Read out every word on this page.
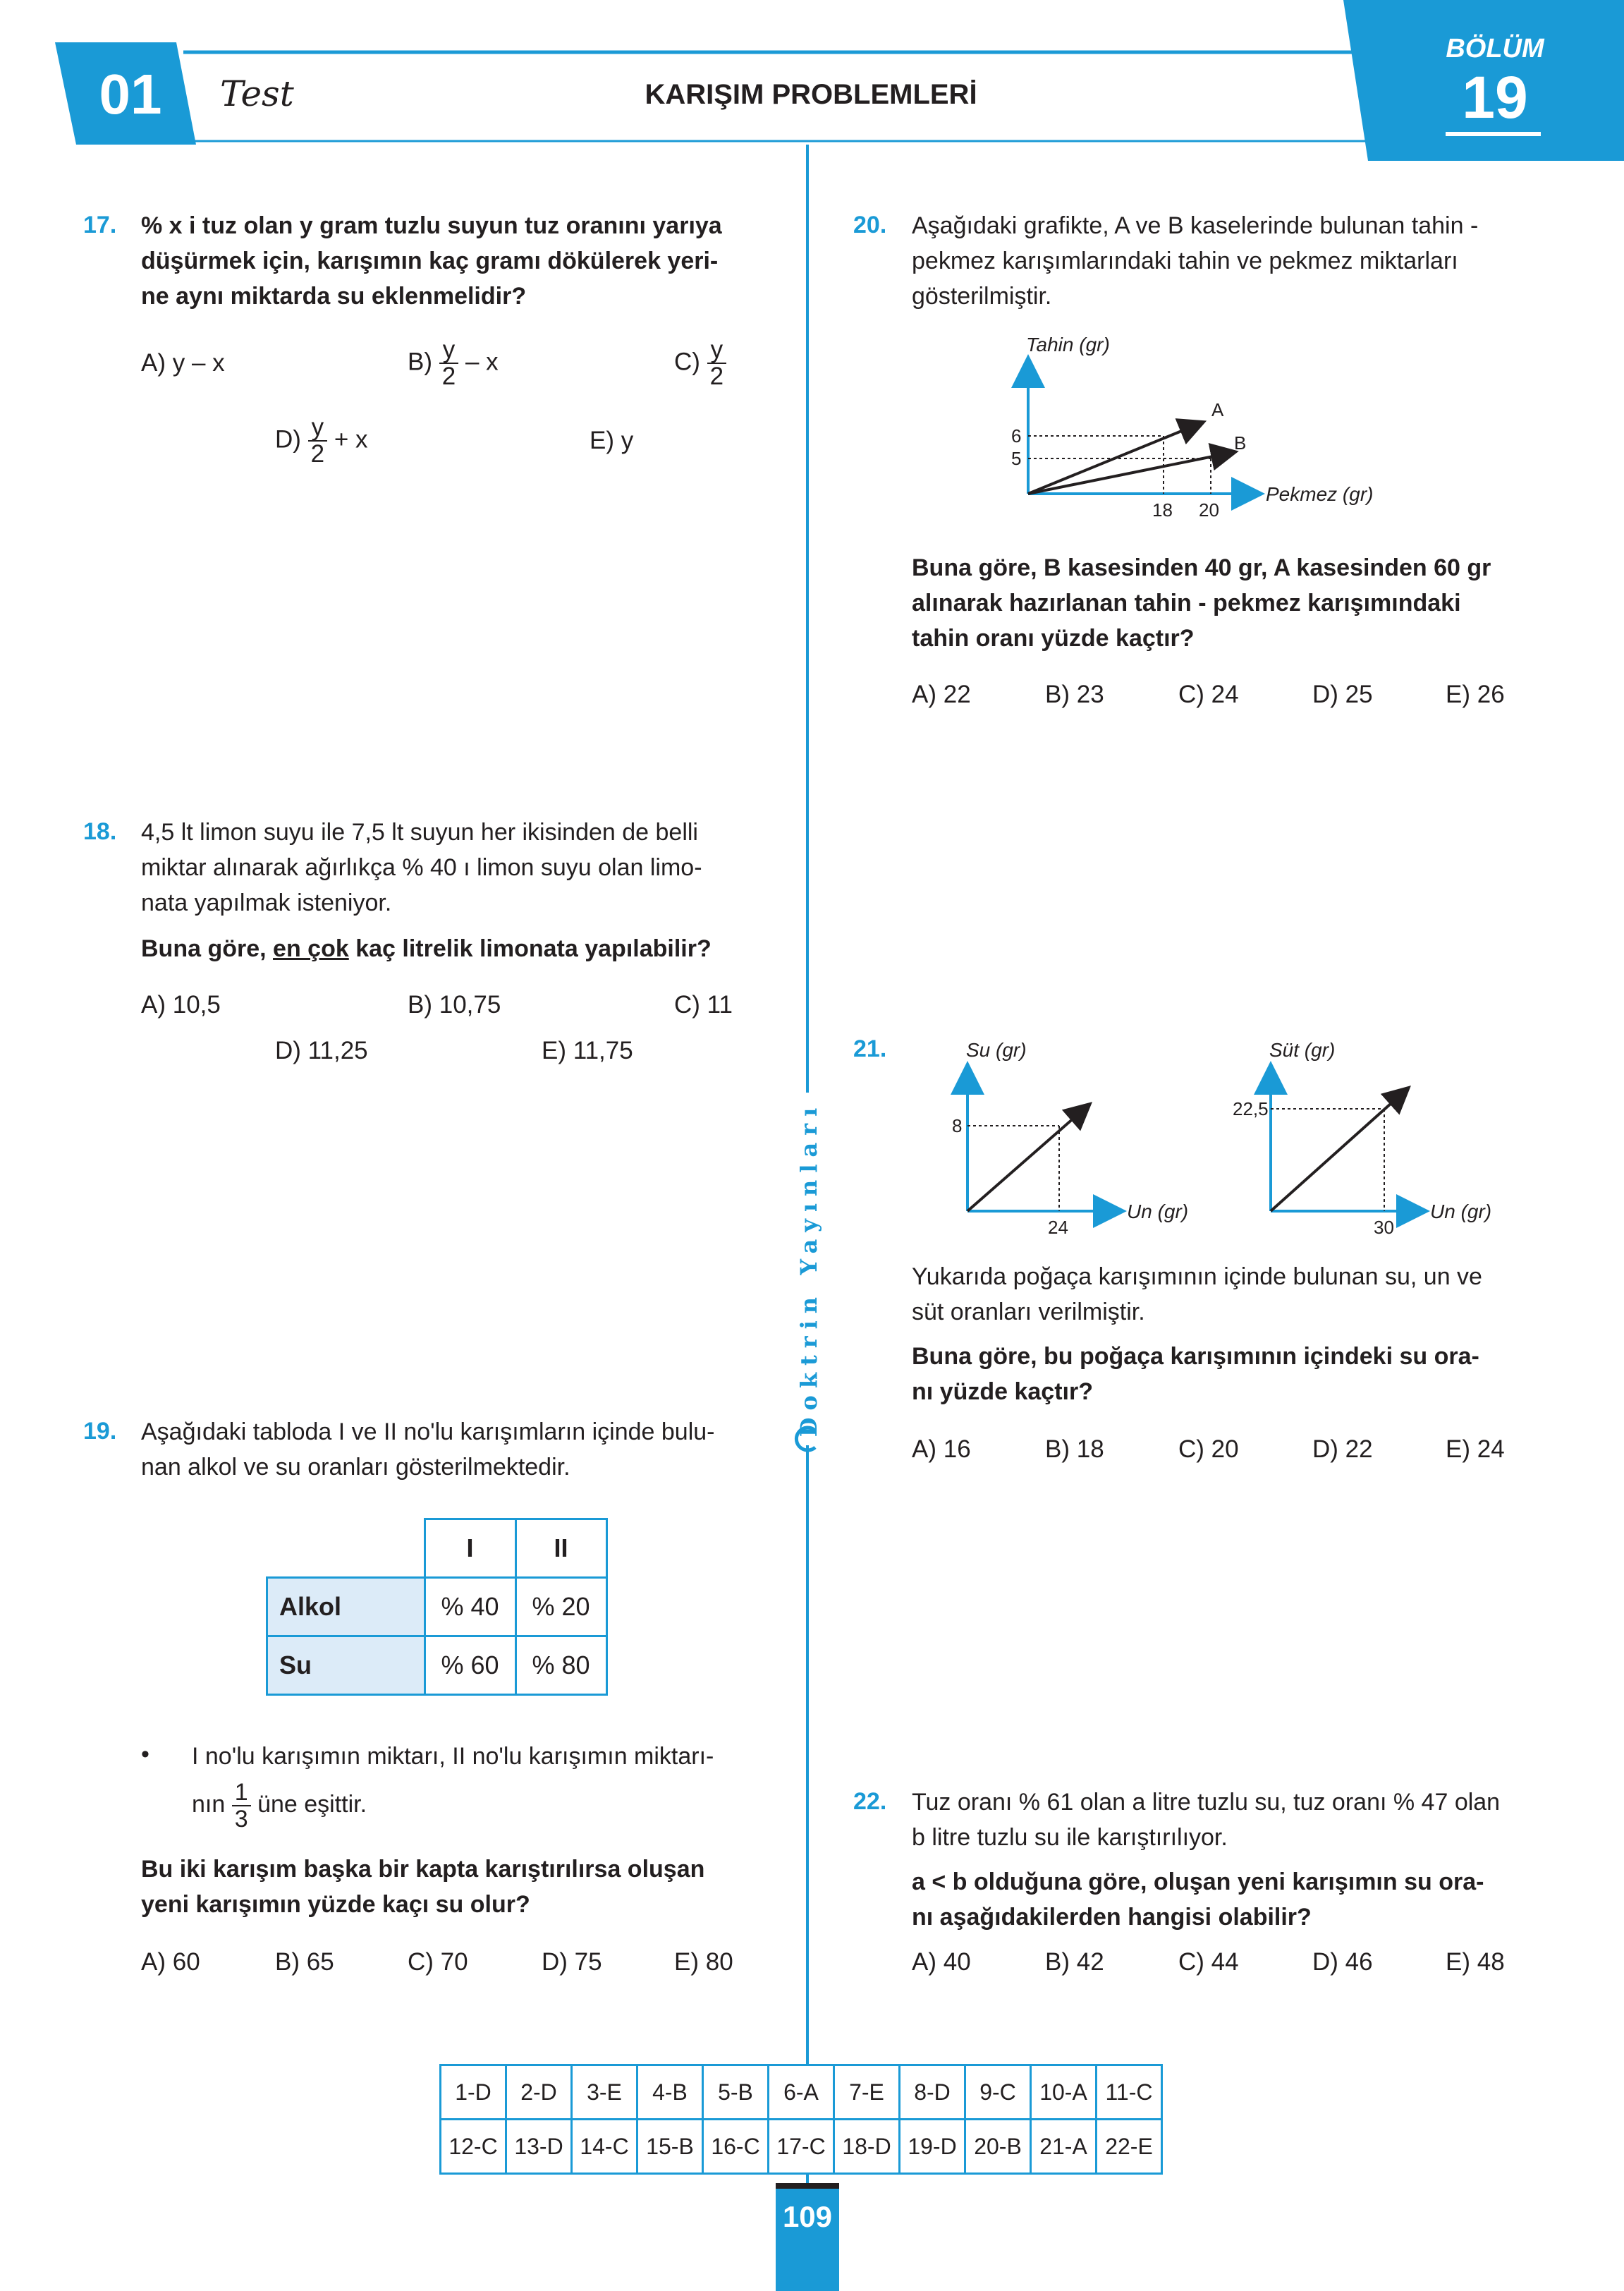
01	Test	KARIŞIM PROBLEMLERİ
BÖLÜM
19
Doktrin Yayınları
17. % x i tuz olan y gram tuzlu suyun tuz oranını yarıya
düşürmek için, karışımın kaç gramı dökülerek yeri-
ne aynı miktarda su eklenmelidir?
A) y – x	$B) \frac{y}{2}$ – x	$C) \frac{y}{2}$
$D) \frac{y}{2} + x$	E) y
18. 4,5 lt limon suyu ile 7,5 lt suyun her ikisinden de belli
miktar alınarak ağırlıkça % 40 ı limon suyu olan limo-
nata yapılmak isteniyor.
Buna göre, en çok kaç litrelik limonata yapılabilir?
A) 10,5	B) 10,75	C) 11
D) 11,25	E) 11,75
19. Aşağıdaki tabloda I ve II no'lu karışımların içinde bulu-
nan alkol ve su oranları gösterilmektedir.
	I	II
Alkol	% 40	% 20
Su	% 60	% 80
• I no'lu karışımın miktarı, II no'lu karışımın miktarı-
nın $\frac{1}{3}$ üne eşittir.
Bu iki karışım başka bir kapta karıştırılırsa oluşan
yeni karışımın yüzde kaçı su olur?
A) 60	B) 65	C) 70	D) 75	E) 80
20. Aşağıdaki grafikte, A ve B kaselerinde bulunan tahin -
pekmez karışımlarındaki tahin ve pekmez miktarları
gösterilmiştir.
Tahin (gr)
Pekmez (gr)
6
5
18 20
A
B
Buna göre, B kasesinden 40 gr, A kasesinden 60 gr
alınarak hazırlanan tahin - pekmez karışımındaki
tahin oranı yüzde kaçtır?
A) 22	B) 23	C) 24	D) 25	E) 26
21.	Su (gr)
Un (gr)
8
24
Süt (gr)
Un (gr)
22,5
30
Yukarıda poğaça karışımının içinde bulunan su, un ve
süt oranları verilmiştir.
Buna göre, bu poğaça karışımının içindeki su ora-
nı yüzde kaçtır?
A) 16	B) 18	C) 20	D) 22	E) 24
22. Tuz oranı % 61 olan a litre tuzlu su, tuz oranı % 47 olan
b litre tuzlu su ile karıştırılıyor.
a < b olduğuna göre, oluşan yeni karışımın su ora-
nı aşağıdakilerden hangisi olabilir?
A) 40	B) 42	C) 44	D) 46	E) 48
1-D	2-D	3-E	4-B	5-B	6-A	7-E	8-D	9-C	10-A	11-C
12-C	13-D	14-C	15-B	16-C	17-C	18-D	19-D	20-B	21-A	22-E
109
